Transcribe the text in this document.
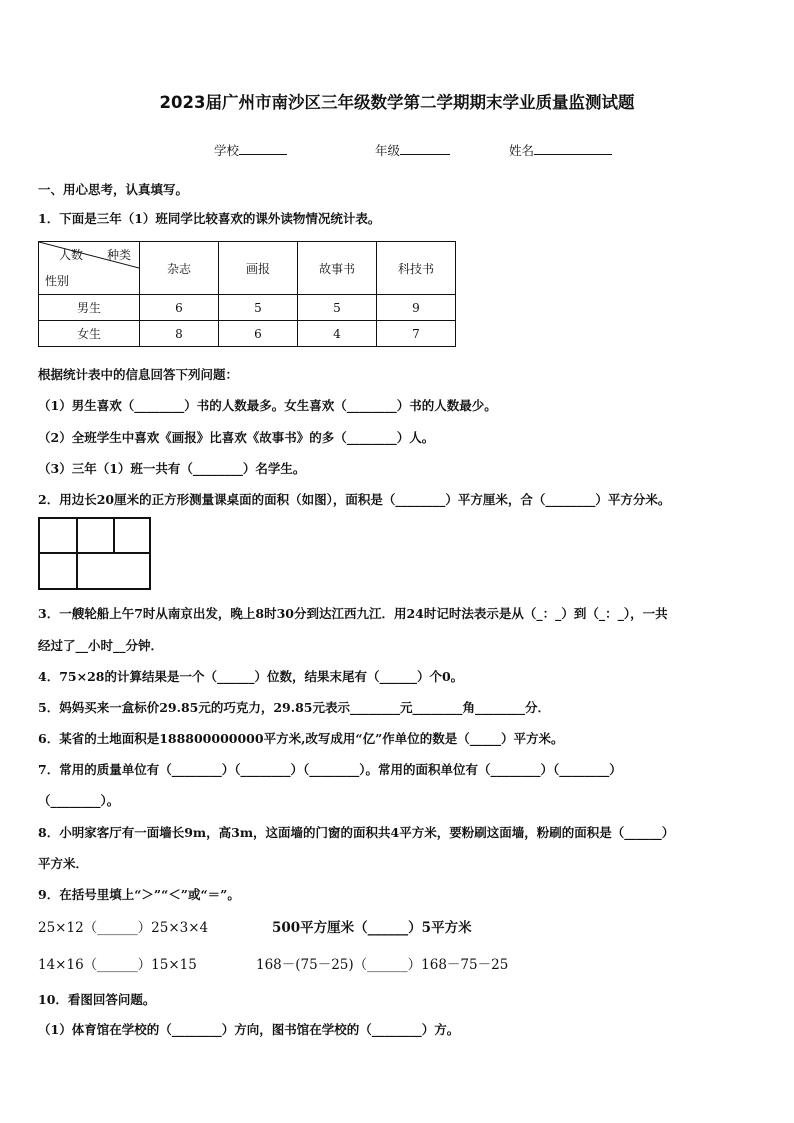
2023届广州市南沙区三年级数学第二学期期末学业质量监测试题
学校	年级	姓名
一、用心思考，认真填写。
1．下面是三年（1）班同学比较喜欢的课外读物情况统计表。
人数 种类
性别	杂志	画报	故事书	科技书
男生	6	5	5	9
女生	8	6	4	7
根据统计表中的信息回答下列问题：
（1）男生喜欢（________）书的人数最多。女生喜欢（________）书的人数最少。
（2）全班学生中喜欢《画报》比喜欢《故事书》的多（________）人。
（3）三年（1）班一共有（________）名学生。
2．用边长20厘米的正方形测量课桌面的面积（如图），面积是（________）平方厘米，合（________）平方分米。
3．一艘轮船上午7时从南京出发，晚上8时30分到达江西九江．用24时记时法表示是从（_：_）到（_：_），一共
经过了__小时__分钟．
4．75×28的计算结果是一个（______）位数，结果末尾有（______）个0。
5．妈妈买来一盒标价29.85元的巧克力，29.85元表示________元________角________分．
6．某省的土地面积是188800000000平方米,改写成用“亿”作单位的数是（_____）平方米。
7．常用的质量单位有（________）（________）（________）。常用的面积单位有（________）（________）
（________）。
8．小明家客厅有一面墙长9m，高3m，这面墙的门窗的面积共4平方米，要粉刷这面墙，粉刷的面积是（______）
平方米．
9．在括号里填上“＞”“＜”或“＝”。
25×12（______）25×3×4	500平方厘米（______）5平方米
14×16（______）15×15	168－(75－25)（______）168－75－25
10．看图回答问题。
（1）体育馆在学校的（________）方向，图书馆在学校的（________）方。
